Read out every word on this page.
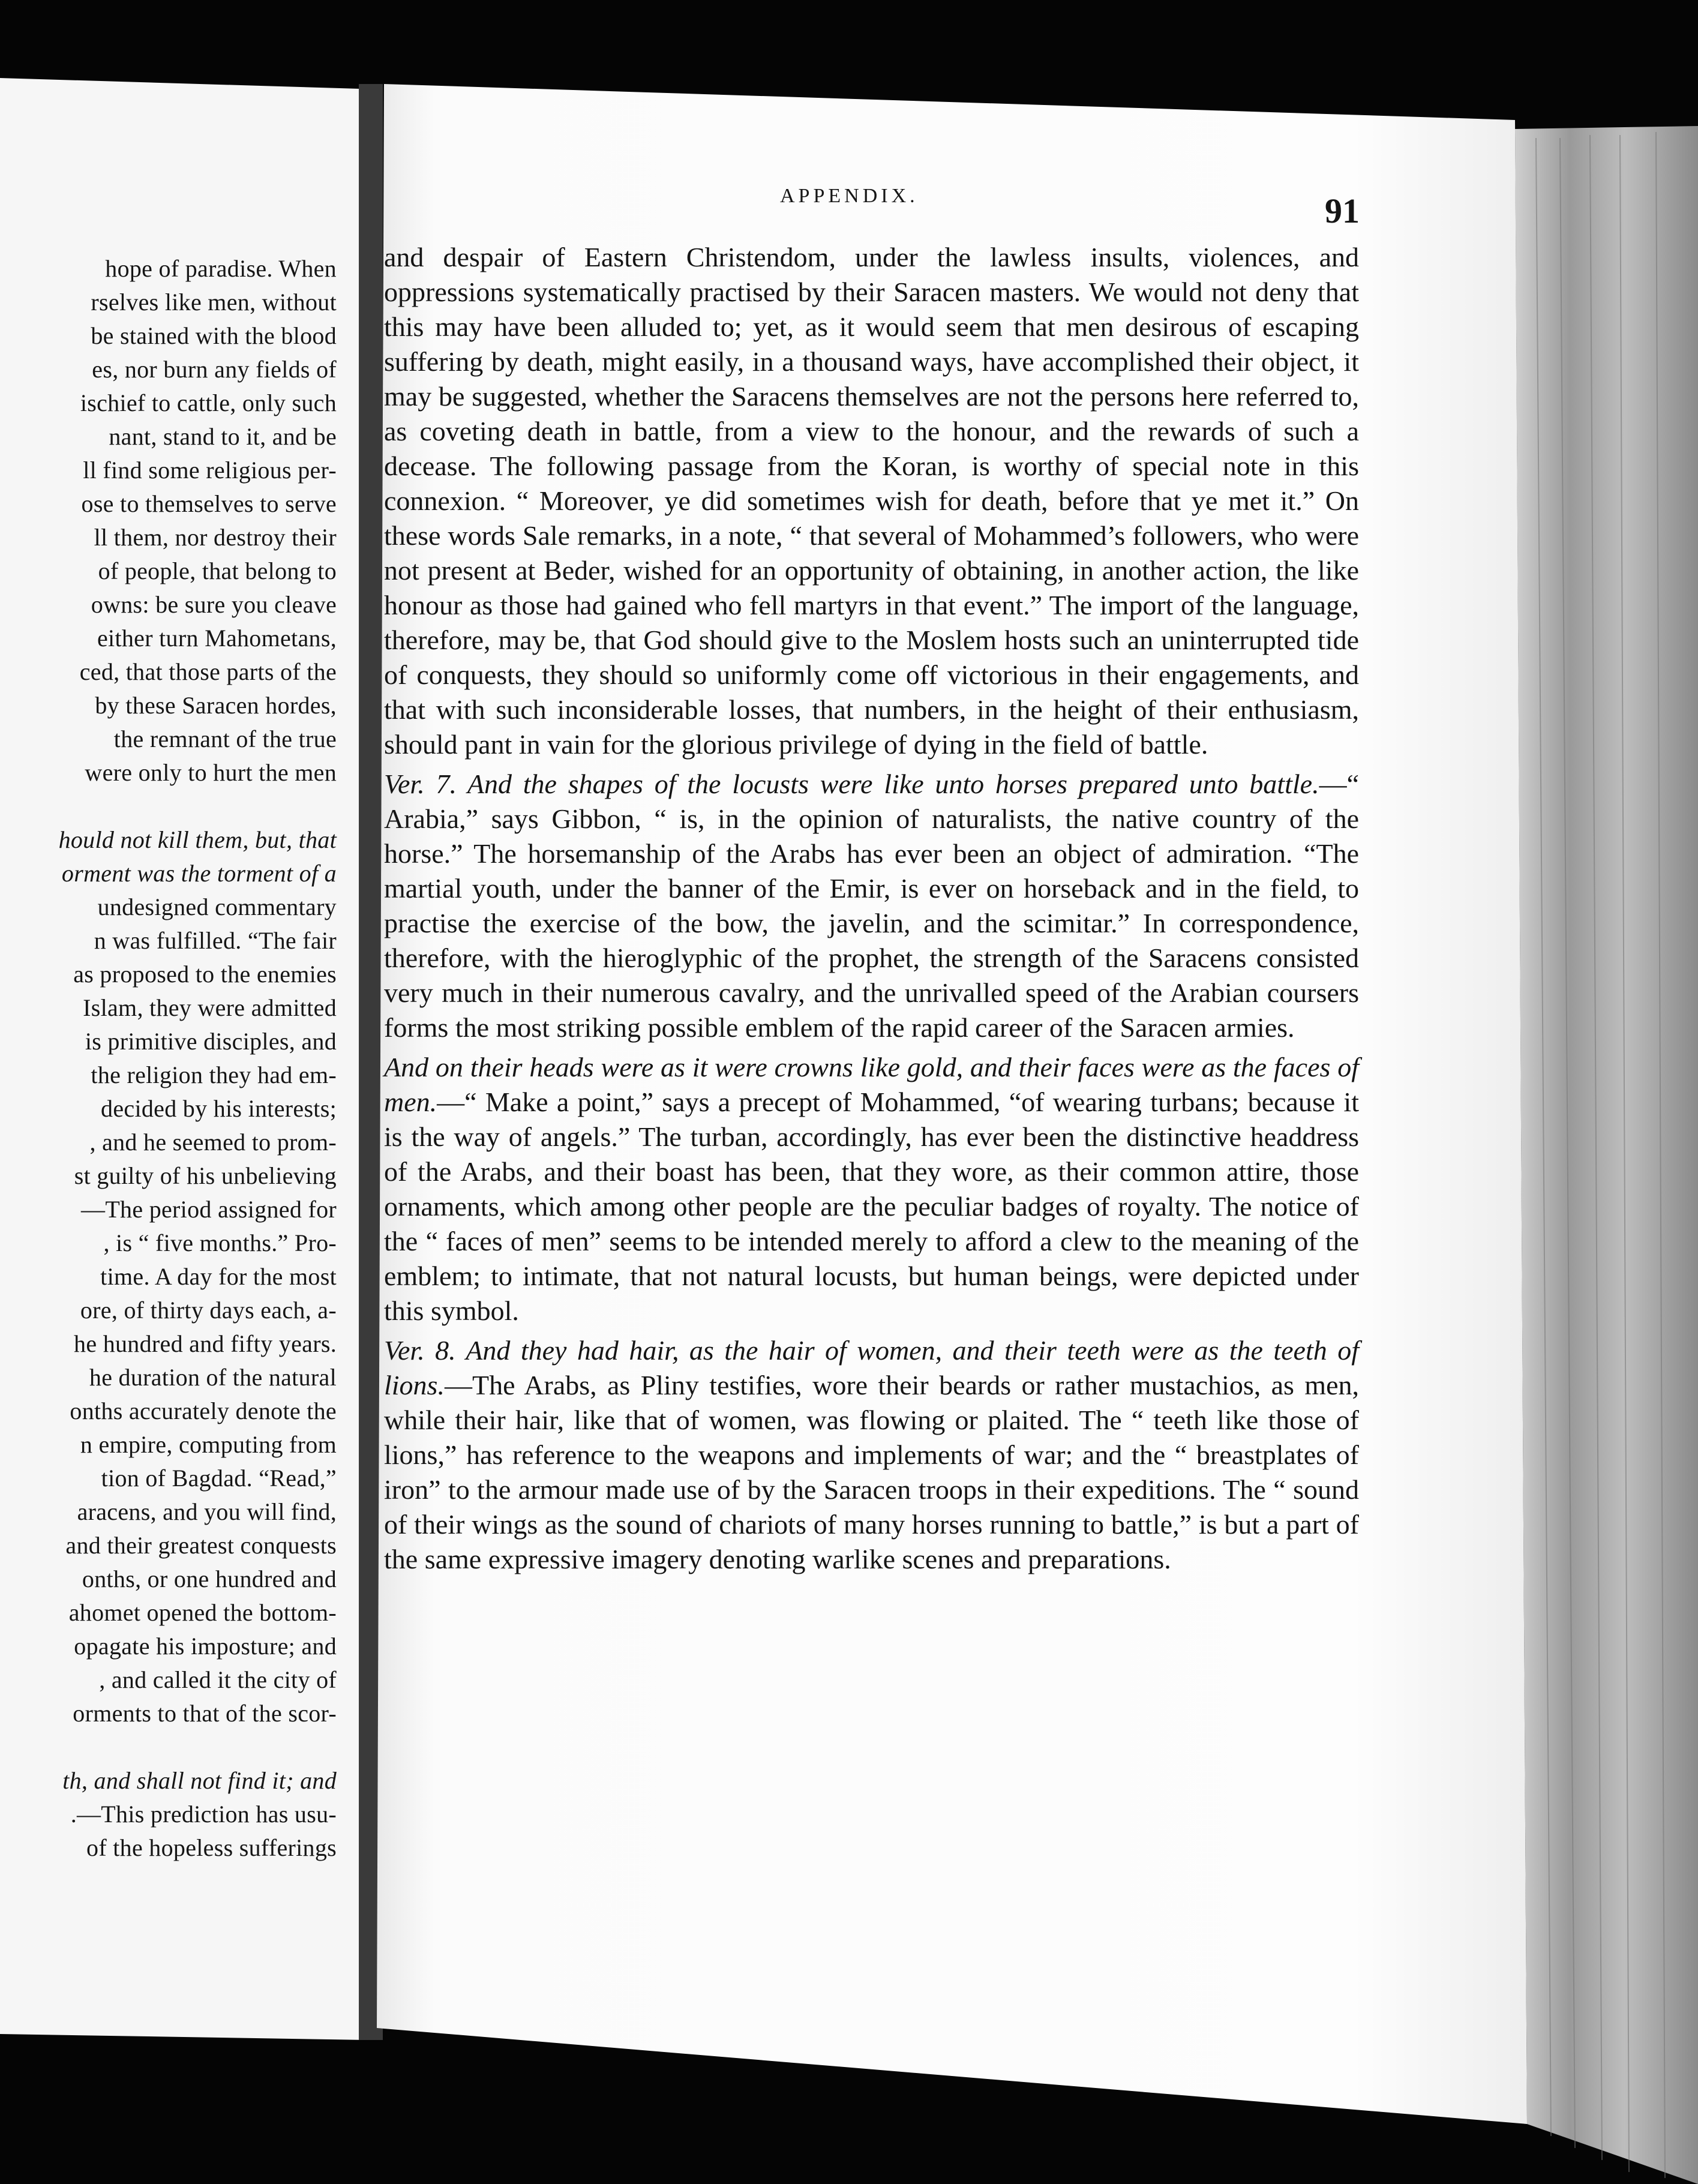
hope of paradise. When
rselves like men, without
be stained with the blood
es, nor burn any fields of
ischief to cattle, only such
nant, stand to it, and be
ll find some religious per-
ose to themselves to serve
ll them, nor destroy their
of people, that belong to
owns: be sure you cleave
either turn Mahometans,
ced, that those parts of the
by these Saracen hordes,
the remnant of the true
were only to hurt the men
hould not kill them, but, that
orment was the torment of a
undesigned commentary
n was fulfilled. “The fair
as proposed to the enemies
Islam, they were admitted
is primitive disciples, and
the religion they had em-
decided by his interests;
, and he seemed to prom-
st guilty of his unbelieving
—The period assigned for
, is “ five months.” Pro-
time. A day for the most
ore, of thirty days each, a-
he hundred and fifty years.
he duration of the natural
onths accurately denote the
n empire, computing from
tion of Bagdad. “Read,”
aracens, and you will find,
and their greatest conquests
onths, or one hundred and
ahomet opened the bottom-
opagate his imposture; and
, and called it the city of
orments to that of the scor-
th, and shall not find it; and
.—This prediction has usu-
of the hopeless sufferings
APPENDIX.	91

and despair of Eastern Christendom, under the lawless insults, violences, and oppressions systematically practised by their Saracen masters. We would not deny that this may have been alluded to; yet, as it would seem that men desirous of escaping suffering by death, might easily, in a thousand ways, have accomplished their object, it may be suggested, whether the Saracens themselves are not the persons here referred to, as coveting death in battle, from a view to the honour, and the rewards of such a decease. The following passage from the Koran, is worthy of special note in this connexion. “ Moreover, ye did sometimes wish for death, before that ye met it.” On these words Sale remarks, in a note, “ that several of Mohammed’s followers, who were not present at Beder, wished for an opportunity of obtaining, in another action, the like honour as those had gained who fell martyrs in that event.” The import of the language, therefore, may be, that God should give to the Moslem hosts such an uninterrupted tide of conquests, they should so uniformly come off victorious in their engagements, and that with such inconsiderable losses, that numbers, in the height of their enthusiasm, should pant in vain for the glorious privilege of dying in the field of battle.

Ver. 7. And the shapes of the locusts were like unto horses prepared unto battle.—“ Arabia,” says Gibbon, “ is, in the opinion of naturalists, the native country of the horse.” The horsemanship of the Arabs has ever been an object of admiration. “The martial youth, under the banner of the Emir, is ever on horseback and in the field, to practise the exercise of the bow, the javelin, and the scimitar.” In correspondence, therefore, with the hieroglyphic of the prophet, the strength of the Saracens consisted very much in their numerous cavalry, and the unrivalled speed of the Arabian coursers forms the most striking possible emblem of the rapid career of the Saracen armies.

And on their heads were as it were crowns like gold, and their faces were as the faces of men.—“ Make a point,” says a precept of Mohammed, “of wearing turbans; because it is the way of angels.” The turban, accordingly, has ever been the distinctive headdress of the Arabs, and their boast has been, that they wore, as their common attire, those ornaments, which among other people are the peculiar badges of royalty. The notice of the “ faces of men” seems to be intended merely to afford a clew to the meaning of the emblem; to intimate, that not natural locusts, but human beings, were depicted under this symbol.

Ver. 8. And they had hair, as the hair of women, and their teeth were as the teeth of lions.—The Arabs, as Pliny testifies, wore their beards or rather mustachios, as men, while their hair, like that of women, was flowing or plaited. The “ teeth like those of lions,” has reference to the weapons and implements of war; and the “ breastplates of iron” to the armour made use of by the Saracen troops in their expeditions. The “ sound of their wings as the sound of chariots of many horses running to battle,” is but a part of the same expressive imagery denoting warlike scenes and preparations.
